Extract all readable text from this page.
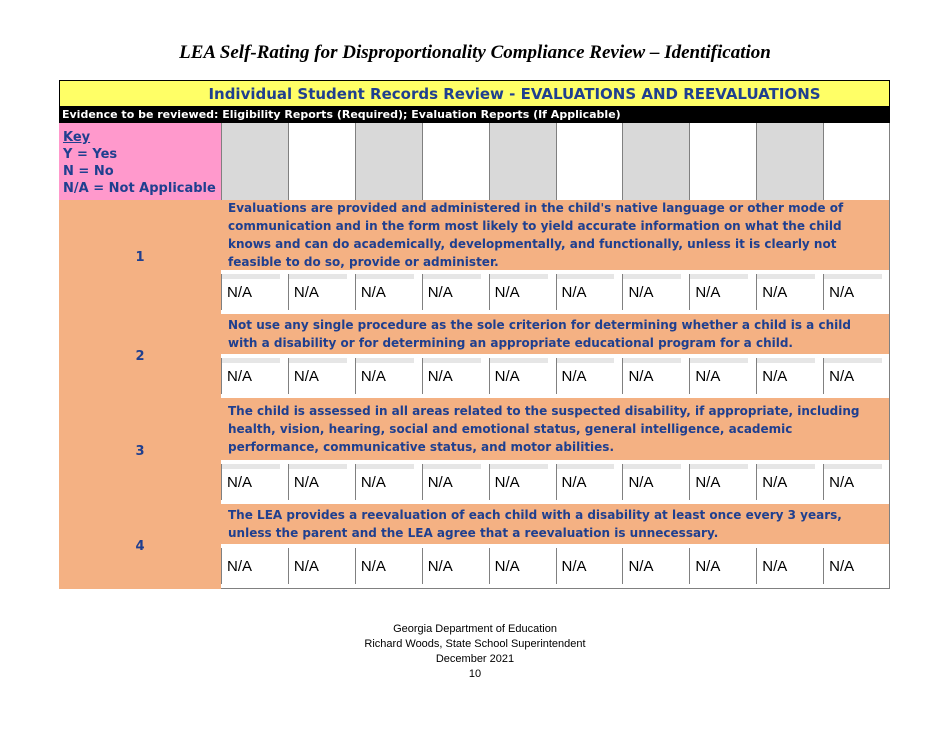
LEA Self-Rating for Disproportionality Compliance Review – Identification
Individual Student Records Review - EVALUATIONS AND REEVALUATIONS
Evidence to be reviewed: Eligibility Reports (Required); Evaluation Reports (If Applicable)
Key
Y = Yes
N = No
N/A = Not Applicable
1
Evaluations are provided and administered in the child's native language or other mode of communication and in the form most likely to yield accurate information on what the child knows and can do academically, developmentally, and functionally, unless it is clearly not feasible to do so, provide or administer.
N/A	N/A	N/A	N/A	N/A	N/A	N/A	N/A	N/A	N/A
2
Not use any single procedure as the sole criterion for determining whether a child is a child with a disability or for determining an appropriate educational program for a child.
N/A	N/A	N/A	N/A	N/A	N/A	N/A	N/A	N/A	N/A
3
The child is assessed in all areas related to the suspected disability, if appropriate, including health, vision, hearing, social and emotional status, general intelligence, academic performance, communicative status, and motor abilities.
N/A	N/A	N/A	N/A	N/A	N/A	N/A	N/A	N/A	N/A
4
The LEA provides a reevaluation of each child with a disability at least once every 3 years, unless the parent and the LEA agree that a reevaluation is unnecessary.
N/A	N/A	N/A	N/A	N/A	N/A	N/A	N/A	N/A	N/A
Georgia Department of Education
Richard Woods, State School Superintendent
December 2021
10
